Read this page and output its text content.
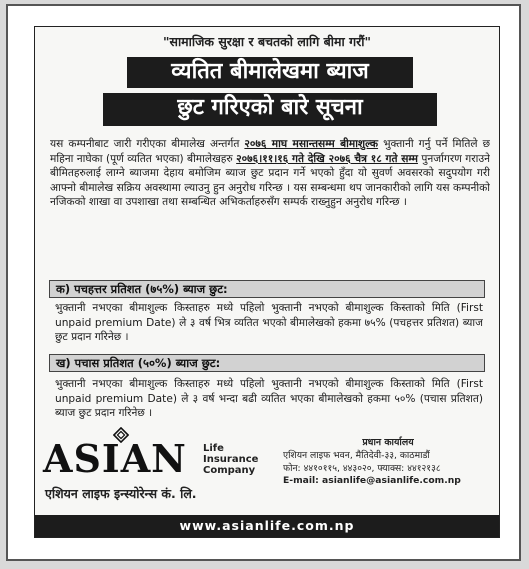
"सामाजिक सुरक्षा र बचतको लागि बीमा गरौं"
व्यतित बीमालेखमा ब्याज
छुट गरिएको बारे सूचना
यस कम्पनीबाट जारी गरीएका बीमालेख अन्तर्गत २०७६ माघ मसान्तसम्म बीमाशुल्क भुक्तानी गर्नु पर्ने मितिले छ महिना नाघेका (पूर्ण व्यतित भएका) बीमालेखहरु २०७६।११।१६ गते देखि २०७६ चैत्र १८ गते सम्म पुनर्जागरण गराउने बीमितहरुलाई लाग्ने ब्याजमा देहाय बमोजिम ब्याज छुट प्रदान गर्ने भएको हुँदा यो सुवर्ण अवसरको सदुपयोग गरी आफ्नो बीमालेख सक्रिय अवस्थामा ल्याउनु हुन अनुरोध गरिन्छ । यस सम्बन्धमा थप जानकारीको लागि यस कम्पनीको नजिकको शाखा वा उपशाखा तथा सम्बन्धित अभिकर्ताहरुसँग सम्पर्क राख्नुहुन अनुरोध गरिन्छ ।
क) पचहत्तर प्रतिशत (७५%) ब्याज छुट:
भुक्तानी नभएका बीमाशुल्क किस्ताहरु मध्ये पहिलो भुक्तानी नभएको बीमाशुल्क किस्ताको मिति (First unpaid premium Date) ले ३ वर्ष भित्र व्यतित भएको बीमालेखको हकमा ७५% (पचहत्तर प्रतिशत) ब्याज छुट प्रदान गरिनेछ ।
ख) पचास प्रतिशत (५०%) ब्याज छुट:
भुक्तानी नभएका बीमाशुल्क किस्ताहरु मध्ये पहिलो भुक्तानी नभएको बीमाशुल्क किस्ताको मिति (First unpaid premium Date) ले ३ वर्ष भन्दा बढी व्यतित भएका बीमालेखको हकमा ५०% (पचास प्रतिशत) ब्याज छुट प्रदान गरिनेछ ।
ASIAN Life
Insurance
Company
एशियन लाइफ इन्स्योरेन्स कं. लि.
प्रधान कार्यालय
एशियन लाइफ भवन, मैतिदेवी-३३, काठमाडौं
फोन: ४४१०११५, ४४३०२०, फ्याक्स: ४४१२१३८
E-mail: asianlife@asianlife.com.np
www.asianlife.com.np
